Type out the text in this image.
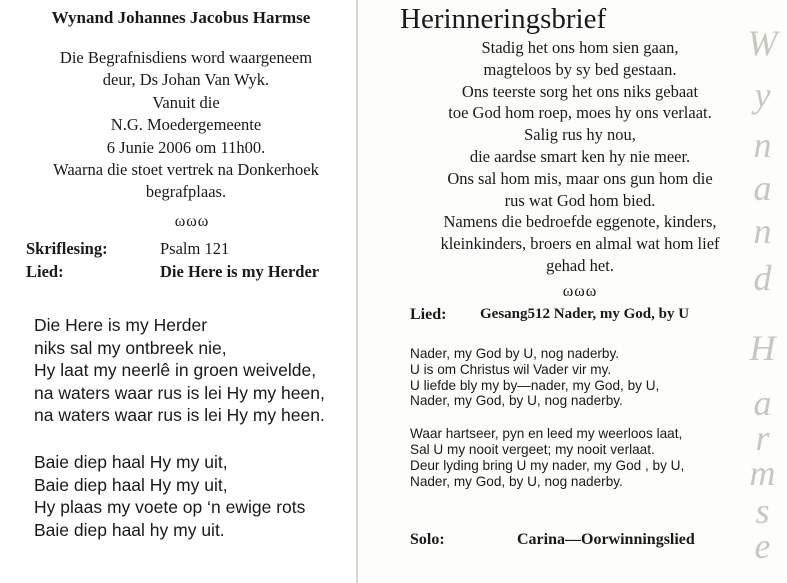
Wynand Johannes Jacobus Harmse
Die Begrafnisdiens word waargeneem
deur, Ds Johan Van Wyk.
Vanuit die
N.G. Moedergemeente
6 Junie 2006 om 11h00.
Waarna die stoet vertrek na Donkerhoek
begrafplaas.
ωωω
Skriflesing:	Psalm 121
Lied:	Die Here is my Herder
Die Here is my Herder
niks sal my ontbreek nie,
Hy laat my neerlê in groen weivelde,
na waters waar rus is lei Hy my heen,
na waters waar rus is lei Hy my heen.
Baie diep haal Hy my uit,
Baie diep haal Hy my uit,
Hy plaas my voete op ‘n ewige rots
Baie diep haal hy my uit.
W
y
n
a
n
d
H
a
r
m
s
e
Herinneringsbrief
Stadig het ons hom sien gaan,
magteloos by sy bed gestaan.
Ons teerste sorg het ons niks gebaat
toe God hom roep, moes hy ons verlaat.
Salig rus hy nou,
die aardse smart ken hy nie meer.
Ons sal hom mis, maar ons gun hom die
rus wat God hom bied.
Namens die bedroefde eggenote, kinders,
kleinkinders, broers en almal wat hom lief
gehad het.
ωωω
Lied: Gesang512 Nader, my God, by U
Nader, my God by U, nog naderby.
U is om Christus wil Vader vir my.
U liefde bly my by—nader, my God, by U,
Nader, my God, by U, nog naderby.
Waar hartseer, pyn en leed my weerloos laat,
Sal U my nooit vergeet; my nooit verlaat.
Deur lyding bring U my nader, my God , by U,
Nader, my God, by U, nog naderby.
Solo:	Carina—Oorwinningslied
